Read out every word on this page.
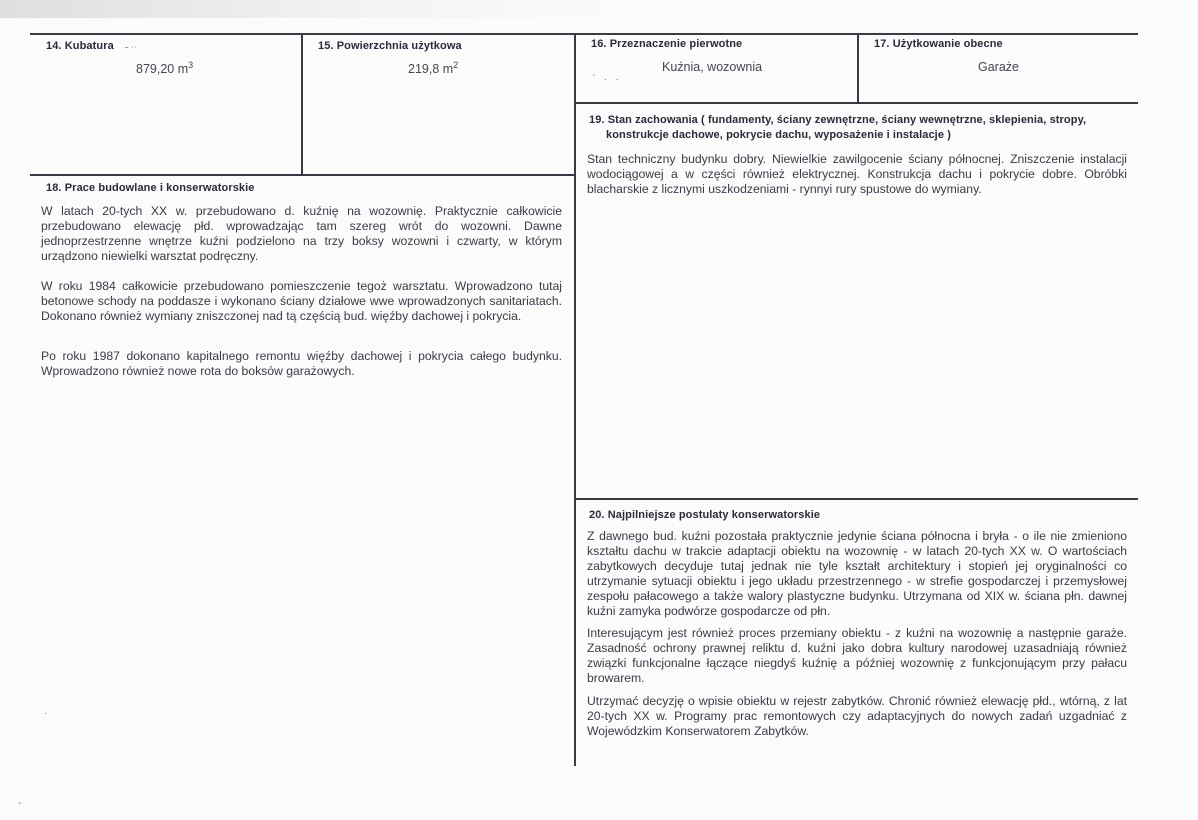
14. Kubatura ˜ ˙˙
879,20 $m^3$
15. Powierzchnia użytkowa
219,8 $m^2$
16. Przeznaczenie pierwotne
Kuźnia, wozownia
ˊ   ·   ·
17. Użytkowanie obecne
Garaże
19. Stan zachowania ( fundamenty, ściany zewnętrzne, ściany wewnętrzne, sklepienia, stropy,
konstrukcje dachowe, pokrycie dachu, wyposażenie i instalacje )

Stan techniczny budynku dobry. Niewielkie zawilgocenie ściany północnej. Zniszczenie instalacji wodociągowej a w części również elektrycznej. Konstrukcja dachu i pokrycie dobre. Obróbki blacharskie z licznymi uszkodzeniami - rynnyi rury spustowe do wymiany.

18. Prace budowlane i konserwatorskie

W latach 20-tych XX w. przebudowano d. kuźnię na wozownię. Praktycznie całkowicie przebudowano elewację płd. wprowadzając tam szereg wrót do wozowni. Dawne jednoprzestrzenne wnętrze kuźni podzielono na trzy boksy wozowni i czwarty, w którym urządzono niewielki warsztat podręczny.

W roku 1984 całkowicie przebudowano pomieszczenie tegoż warsztatu. Wprowadzono tutaj betonowe schody na poddasze i wykonano ściany działowe wwe wprowadzonych sanitariatach. Dokonano również wymiany zniszczonej nad tą częścią bud. więźby dachowej i pokrycia.

Po roku 1987 dokonano kapitalnego remontu więźby dachowej i pokrycia całego budynku. Wprowadzono również nowe rota do boksów garażowych.

20. Najpilniejsze postulaty konserwatorskie

Z dawnego bud. kuźni pozostała praktycznie jedynie ściana północna i bryła - o ile nie zmieniono kształtu dachu w trakcie adaptacji obiektu na wozownię - w latach 20-tych XX w. O wartościach zabytkowych decyduje tutaj jednak nie tyle kształt architektury i stopień jej oryginalności co utrzymanie sytuacji obiektu i jego układu przestrzennego - w strefie gospodarczej i przemysłowej zespołu pałacowego a także walory plastyczne budynku. Utrzymana od XIX w. ściana płn. dawnej kuźni zamyka podwórze gospodarcze od płn.

Interesującym jest również proces przemiany obiektu - z kuźni na wozownię a następnie garaże. Zasadność ochrony prawnej reliktu d. kuźni jako dobra kultury narodowej uzasadniają również związki funkcjonalne łączące niegdyś kuźnię a później wozownię z funkcjonującym przy pałacu browarem.

Utrzymać decyzję o wpisie obiektu w rejestr zabytków. Chronić również elewację płd., wtórną, z lat 20-tych XX w. Programy prac remontowych czy adaptacyjnych do nowych zadań uzgadniać z Wojewódzkim Konserwatorem Zabytków.

·
-
